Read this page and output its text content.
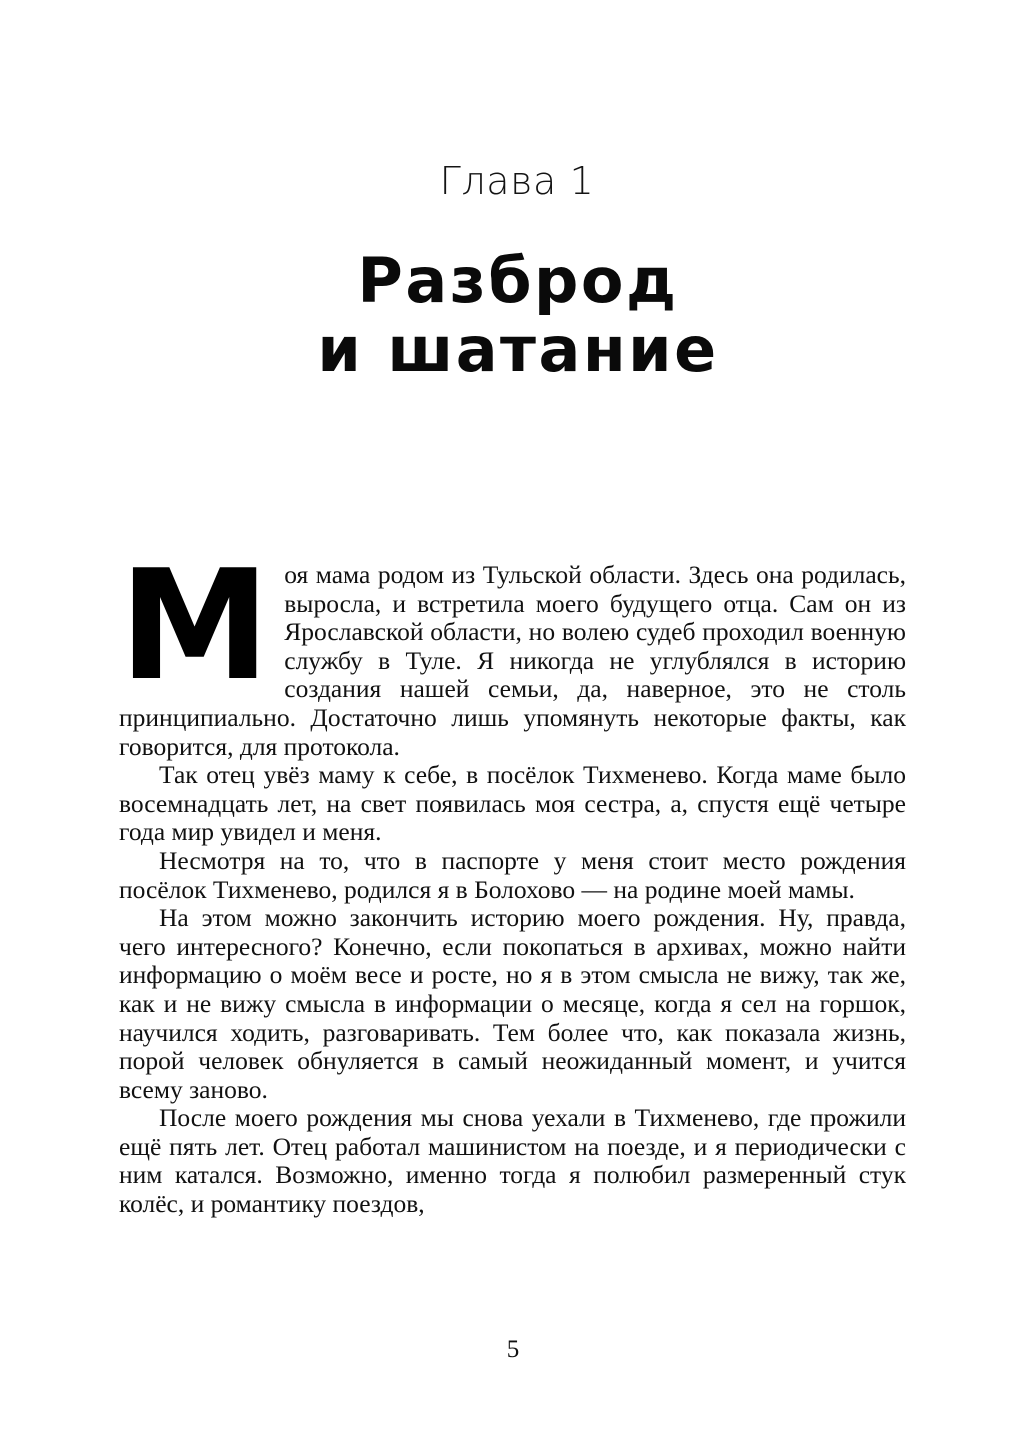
Глава 1
Разброд
и шатание

Моя мама родом из Тульской области. Здесь она родилась, выросла, и встретила моего будущего отца. Сам он из Ярославской области, но волею судеб проходил военную службу в Туле. Я никогда не углублялся в историю создания нашей семьи, да, наверное, это не столь принципиально. Достаточно лишь упомянуть некоторые факты, как говорится, для протокола.

Так отец увёз маму к себе, в посёлок Тихменево. Когда маме было восемнадцать лет, на свет появилась моя сестра, а, спустя ещё четыре года мир увидел и меня.

Несмотря на то, что в паспорте у меня стоит место рождения посёлок Тихменево, родился я в Болохово — на родине моей мамы.

На этом можно закончить историю моего рождения. Ну, правда, чего интересного? Конечно, если покопаться в архивах, можно найти информацию о моём весе и росте, но я в этом смысла не вижу, так же, как и не вижу смысла в информации о месяце, когда я сел на горшок, научился ходить, разговаривать. Тем более что, как показала жизнь, порой человек обнуляется в самый неожиданный момент, и учится всему заново.

После моего рождения мы снова уехали в Тихменево, где прожили ещё пять лет. Отец работал машинистом на поезде, и я периодически с ним катался. Возможно, именно тогда я полюбил размеренный стук колёс, и романтику поездов,

5
